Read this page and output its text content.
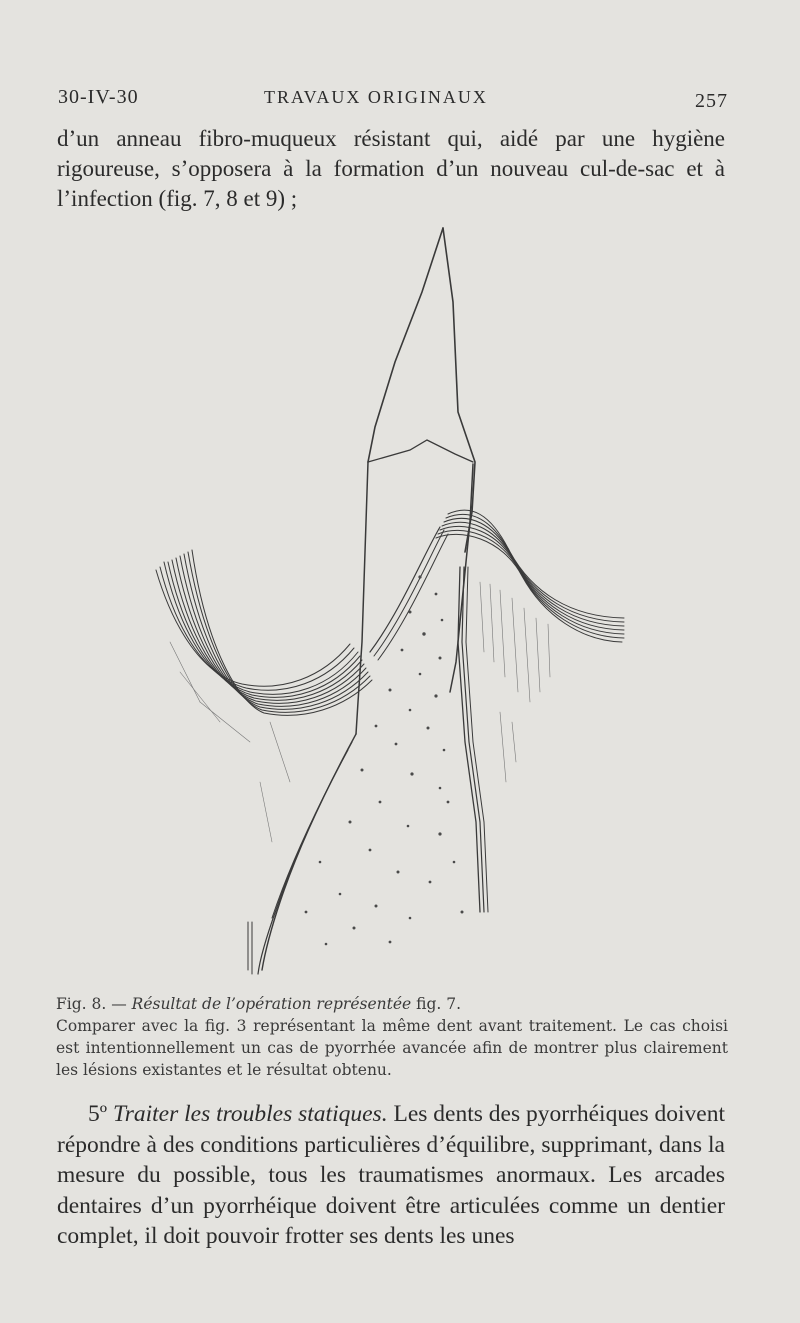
30-IV-30	TRAVAUX ORIGINAUX	257
d’un anneau fibro-muqueux résistant qui, aidé par une hygiène rigoureuse, s’opposera à la formation d’un nouveau cul-de-sac et à l’infection (fig. 7, 8 et 9) ;
Fig. 8. — Résultat de l’opération représentée fig. 7.
Comparer avec la fig. 3 représentant la même dent avant traitement. Le cas choisi est intentionnellement un cas de pyorrhée avancée afin de montrer plus clairement les lésions existantes et le résultat obtenu.
5º Traiter les troubles statiques. Les dents des pyorrhéiques doivent répondre à des conditions particulières d’équilibre, supprimant, dans la mesure du possible, tous les traumatismes anormaux. Les arcades dentaires d’un pyorrhéique doivent être articulées comme un dentier complet, il doit pouvoir frotter ses dents les unes
